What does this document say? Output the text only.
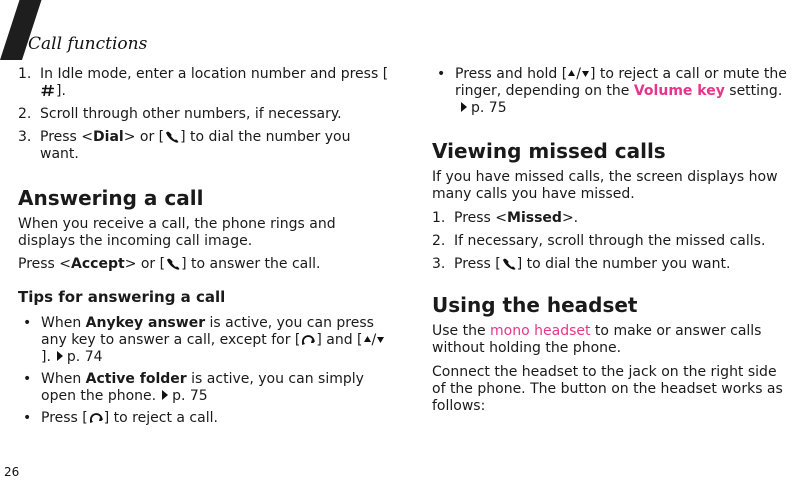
Call functions
1. In Idle mode, enter a location number and press [
].
2. Scroll through other numbers, if necessary.
3. Press <Dial> or [ ] to dial the number you want.
Answering a call

When you receive a call, the phone rings and displays the incoming call image.

Press <Accept> or [ ] to answer the call.

Tips for answering a call
• When Anykey answer is active, you can press any key to answer a call, except for [ ] and [ /
]. p. 74
• When Active folder is active, you can simply open the phone. p. 75
• Press [ ] to reject a call.
• Press and hold [ / ] to reject a call or mute the ringer, depending on the Volume key setting.p. 75
Viewing missed calls

If you have missed calls, the screen displays how many calls you have missed.

1. Press <Missed>.
2. If necessary, scroll through the missed calls.
3. Press [ ] to dial the number you want.
Using the headset

Use the mono headset to make or answer calls without holding the phone.

Connect the headset to the jack on the right side of the phone. The button on the headset works as follows:

26
